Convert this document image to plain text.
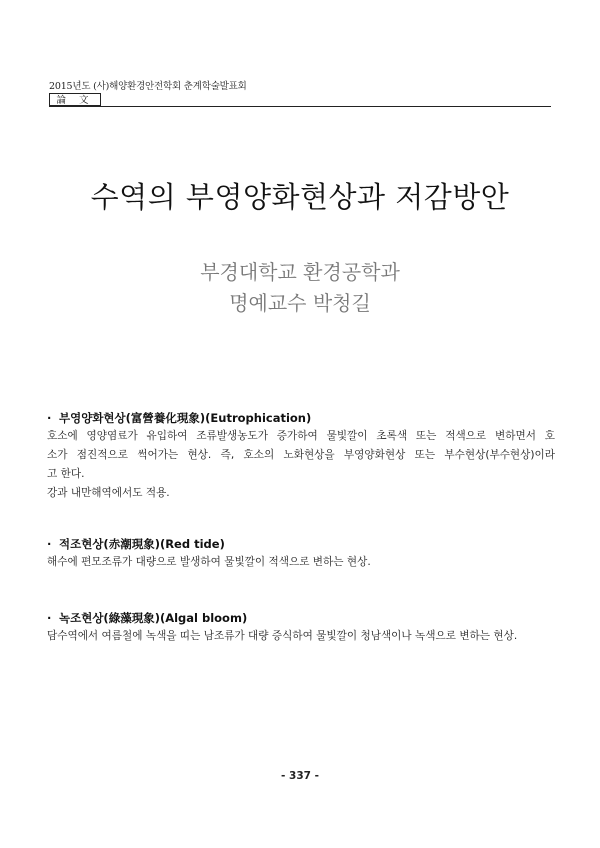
2015년도 (사)해양환경안전학회 춘계학술발표회
論 文
수역의 부영양화현상과 저감방안
부경대학교 환경공학과
명예교수 박청길
· 부영양화현상(富營養化現象)(Eutrophication)
호소에 영양염료가 유입하여 조류발생농도가 증가하여 물빛깔이 초록색 또는 적색으로 변하면서 호
소가 점진적으로 썩어가는 현상. 즉, 호소의 노화현상을 부영양화현상 또는 부수현상(부수현상)이라
고 한다.
강과 내만해역에서도 적용.
· 적조현상(赤潮現象)(Red tide)
해수에 편모조류가 대량으로 발생하여 물빛깔이 적색으로 변하는 현상.
· 녹조현상(綠藻現象)(Algal bloom)
담수역에서 여름철에 녹색을 띠는 남조류가 대량 증식하여 물빛깔이 청남색이나 녹색으로 변하는 현상.
- 337 -
